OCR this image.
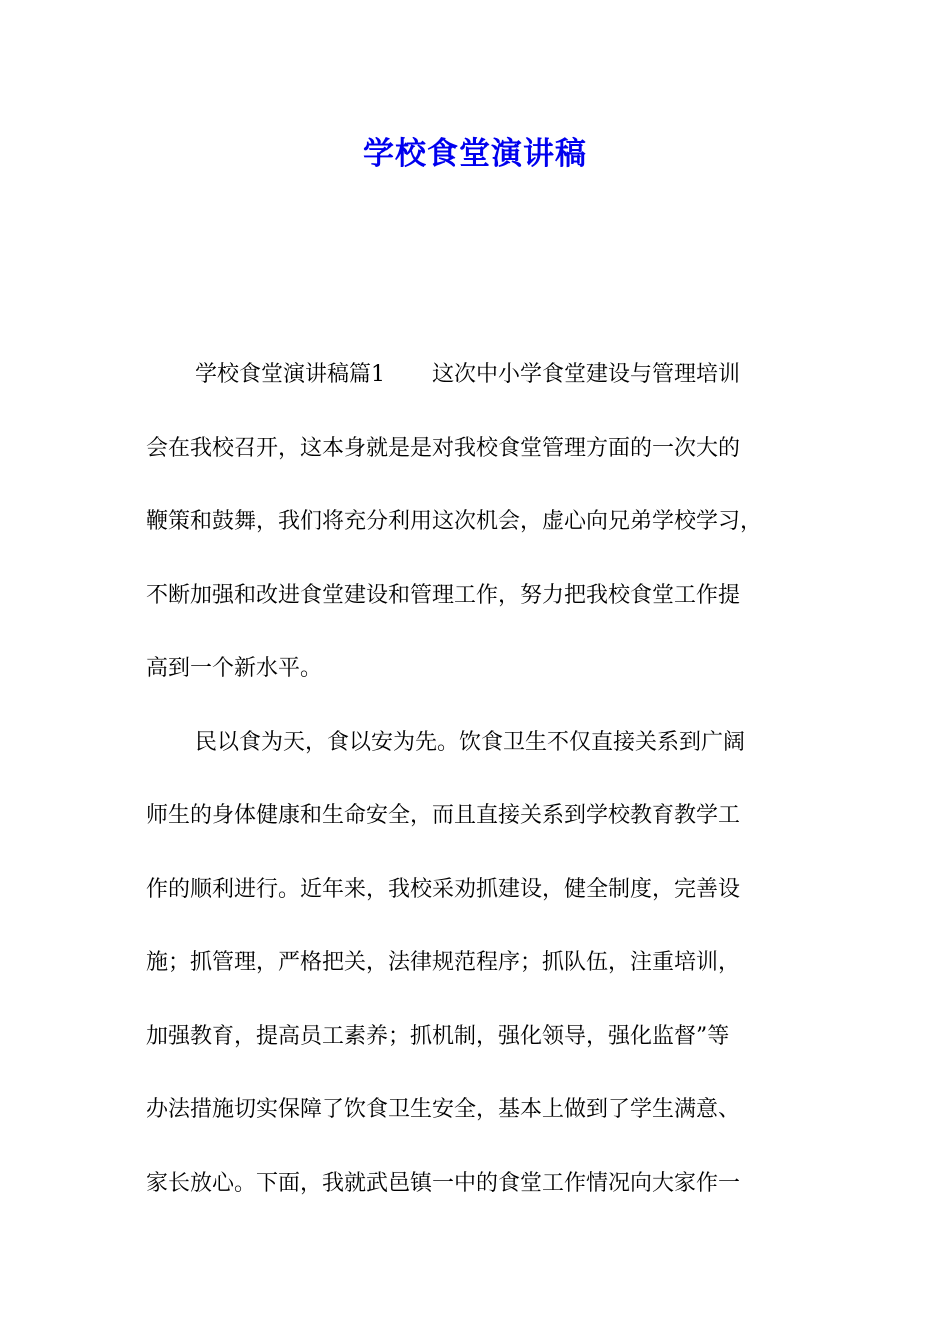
学校食堂演讲稿
学校食堂演讲稿篇1 这次中小学食堂建设与管理培训
会在我校召开，这本身就是是对我校食堂管理方面的一次大的
鞭策和鼓舞，我们将充分利用这次机会，虚心向兄弟学校学习，
不断加强和改进食堂建设和管理工作，努力把我校食堂工作提
高到一个新水平。
民以食为天，食以安为先。饮食卫生不仅直接关系到广阔
师生的身体健康和生命安全，而且直接关系到学校教育教学工
作的顺利进行。近年来，我校采劝抓建设，健全制度，完善设
施；抓管理，严格把关，法律规范程序；抓队伍，注重培训，
加强教育，提高员工素养；抓机制，强化领导，强化监督”等
办法措施切实保障了饮食卫生安全，基本上做到了学生满意、
家长放心。下面，我就武邑镇一中的食堂工作情况向大家作一
